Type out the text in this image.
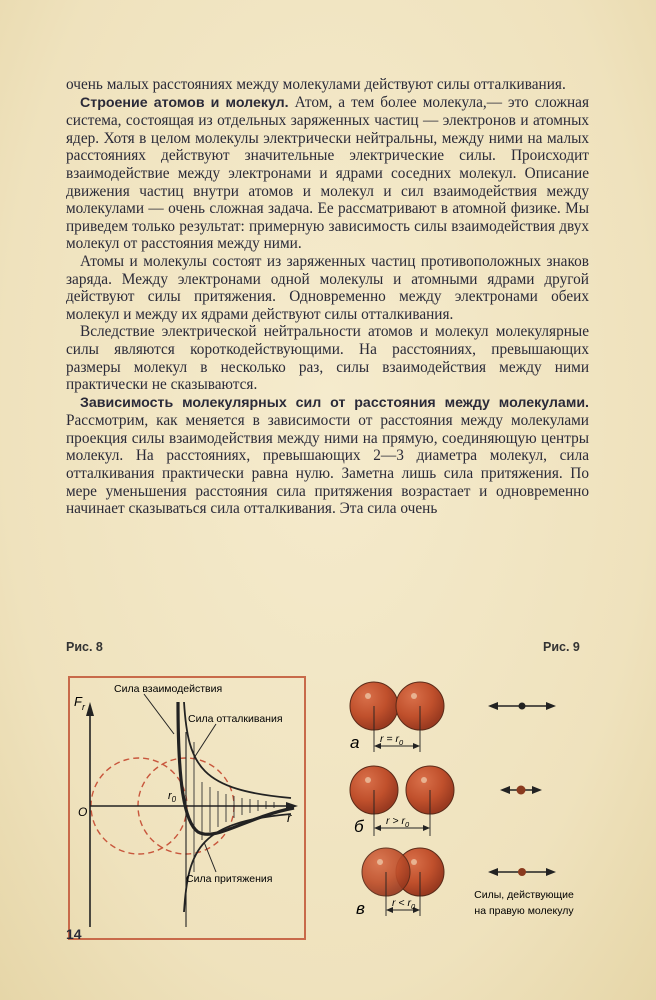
очень малых расстояниях между молекулами действуют силы отталкивания.

Строение атомов и молекул. Атом, а тем более молекула,— это сложная система, состоящая из отдельных заряженных частиц — электронов и атомных ядер. Хотя в целом молекулы электрически нейтральны, между ними на малых расстояниях действуют значительные электрические силы. Происходит взаимодействие между электронами и ядрами соседних молекул. Описание движения частиц внутри атомов и молекул и сил взаимодействия между молекулами — очень сложная задача. Ее рассматривают в атомной физике. Мы приведем только результат: примерную зависимость силы взаимодействия двух молекул от расстояния между ними.

Атомы и молекулы состоят из заряженных частиц противоположных знаков заряда. Между электронами одной молекулы и атомными ядрами другой действуют силы притяжения. Одновременно между электронами обеих молекул и между их ядрами действуют силы отталкивания.

Вследствие электрической нейтральности атомов и молекул молекулярные силы являются короткодействующими. На расстояниях, превышающих размеры молекул в несколько раз, силы взаимодействия между ними практически не сказываются.

Зависимость молекулярных сил от расстояния между молекулами. Рассмотрим, как меняется в зависимости от расстояния между молекулами проекция силы взаимодействия между ними на прямую, соединяющую центры молекул. На расстояниях, превышающих 2—3 диаметра молекул, сила отталкивания практически равна нулю. Заметна лишь сила притяжения. По мере уменьшения расстояния сила притяжения возрастает и одновременно начинает сказываться сила отталкивания. Эта сила очень

Рис. 8	Рис. 9
$F_r$
O	r
$r_0$
Сила взаимодействия
Сила отталкивания
Сила притяжения
$r = r_0$
а
$r > r_0$
б
$r < r_0$
в
Силы, действующие
на правую молекулу
14
